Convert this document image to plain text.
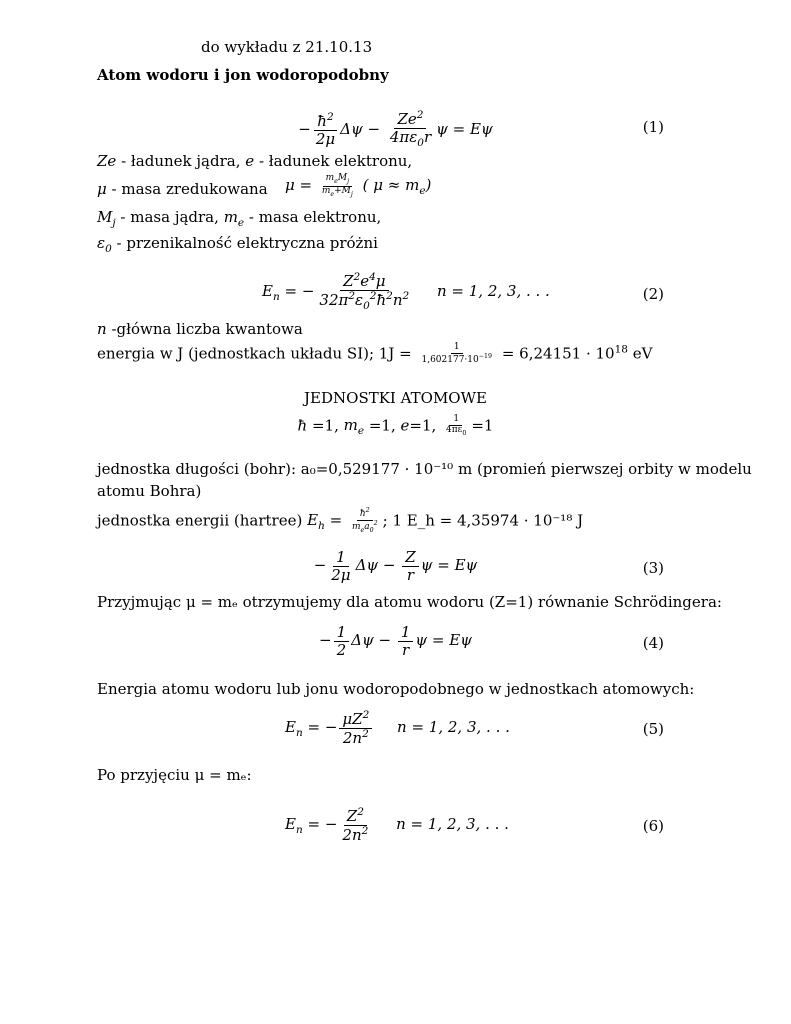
do wykładu z 21.10.13
Atom wodoru i jon wodoropodobny
− $\frac{ħ^2}{2\mu}$ $\Delta\psi - \frac{Ze^2}{4\pi\varepsilon_0r}$ ψ = Eψ	(1)
Ze - ładunek jądra, e - ładunek elektronu,
μ - masa zredukowana $\mu = \frac{m_eM_j}{m_e+M_j}$ ( $\mu \approx m_e$)
$M_j$ - masa jądra, $m_e$ - masa elektronu,
$\varepsilon_0$ - przenikalność elektryczna próżni
$E_n$ = − $\frac{Z^2e^4\mu}{32\pi^2\varepsilon_0^2ħ^2n^2}$ n = 1, 2, 3, . . .	(2)
n -główna liczba kwantowa
energia w J (jednostkach układu SI); $1J = \frac{1}{1,602177\cdot 10^{-19}} = 6,24151 \cdot 10^{18}$ eV
JEDNOSTKI ATOMOWE
ħ =1, $m_e =1$, e=1, $\frac{1}{4\pi\varepsilon_0} =1$
jednostka długości (bohr): a₀=0,529177 · 10⁻¹⁰ m (promień pierwszej orbity w modelu
atomu Bohra)
jednostka energii (hartree) $E_h = \frac{ħ^2}{m_ea_0^2}$ ; 1 E_h = 4,35974 · 10⁻¹⁸ J
− $\frac{1}{2\mu}$ $\Delta\psi - \frac{Z}{r}$ ψ = Eψ	(3)
Przyjmując μ = mₑ otrzymujemy dla atomu wodoru (Z=1) równanie Schrödingera:
− $\frac{1}{2}$ $\Delta\psi - \frac{1}{r}$ ψ = Eψ	(4)
Energia atomu wodoru lub jonu wodoropodobnego w jednostkach atomowych:
$E_n$ = − $\frac{\mu Z^2}{2n^2}$ n = 1, 2, 3, . . .	(5)
Po przyjęciu μ = mₑ:
$E_n$ = − $\frac{Z^2}{2n^2}$ n = 1, 2, 3, . . .	(6)
